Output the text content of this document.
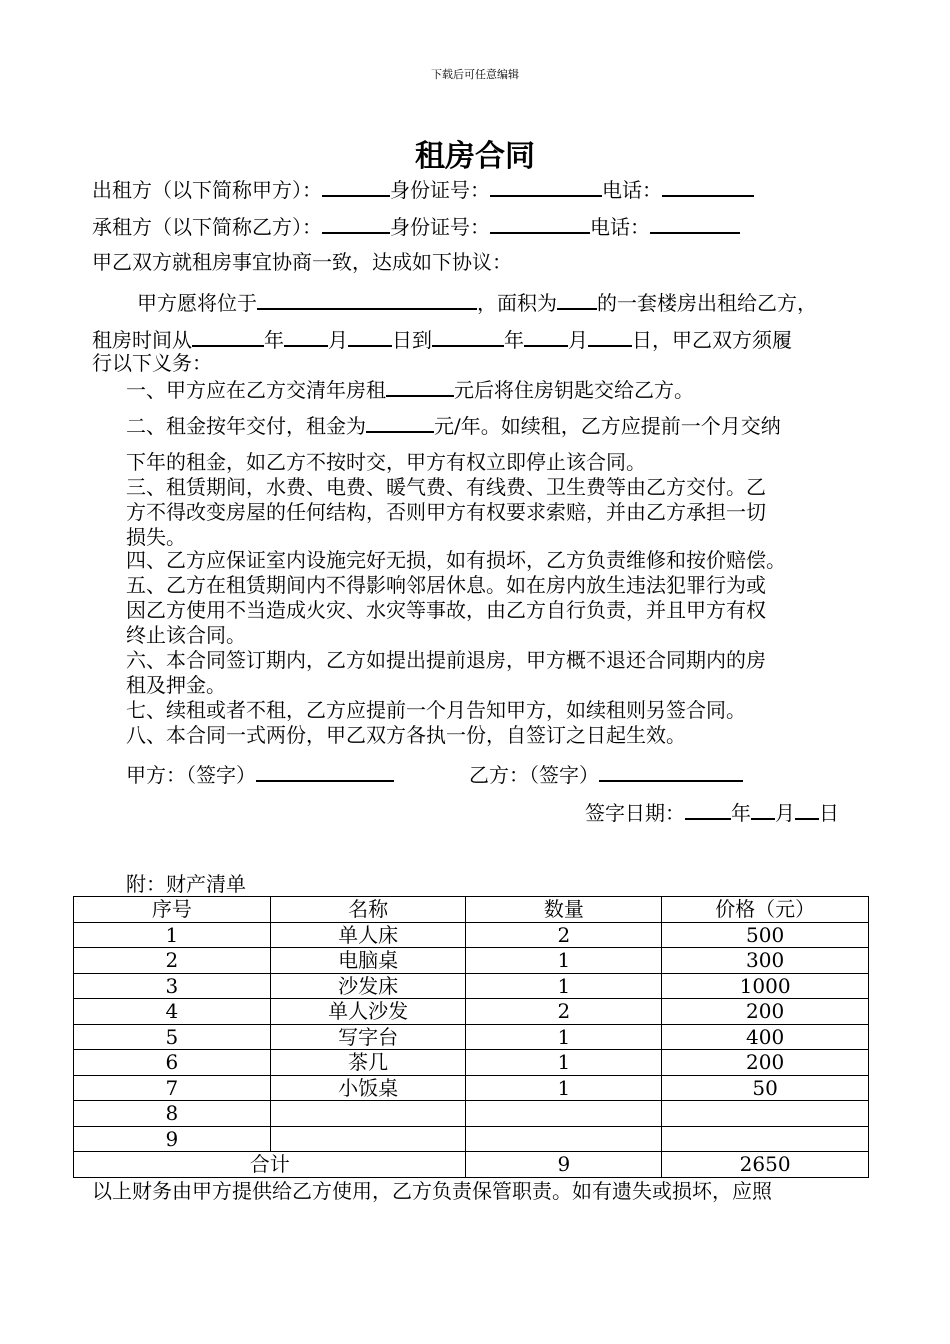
下载后可任意编辑
租房合同
出租方（以下简称甲方）：	身份证号：	电话：
承租方（以下简称乙方）：	身份证号：	电话：
甲乙双方就租房事宜协商一致，达成如下协议：
甲方愿将位于	，面积为 的一套楼房出租给乙方，
租房时间从	年 月 日到	年 月 日，甲乙双方须履
行以下义务：
一、甲方应在乙方交清年房租	元后将住房钥匙交给乙方。
二、租金按年交付，租金为	元/年。如续租，乙方应提前一个月交纳
下年的租金，如乙方不按时交，甲方有权立即停止该合同。
三、租赁期间，水费、电费、暖气费、有线费、卫生费等由乙方交付。乙
方不得改变房屋的任何结构，否则甲方有权要求索赔，并由乙方承担一切
损失。
四、乙方应保证室内设施完好无损，如有损坏，乙方负责维修和按价赔偿。
五、乙方在租赁期间内不得影响邻居休息。如在房内放生违法犯罪行为或
因乙方使用不当造成火灾、水灾等事故，由乙方自行负责，并且甲方有权
终止该合同。
六、本合同签订期内，乙方如提出提前退房，甲方概不退还合同期内的房
租及押金。
七、续租或者不租，乙方应提前一个月告知甲方，如续租则另签合同。
八、本合同一式两份，甲乙双方各执一份，自签订之日起生效。
甲方：（签字）	乙方：（签字）
签字日期： 年 月 日
附：财产清单
序号	名称	数量	价格（元）
1	单人床	2	500
2	电脑桌	1	300
3	沙发床	1	1000
4	单人沙发	2	200
5	写字台	1	400
6	茶几	1	200
7	小饭桌	1	50
8			
9			
合计		9	2650
以上财务由甲方提供给乙方使用，乙方负责保管职责。如有遗失或损坏，应照
